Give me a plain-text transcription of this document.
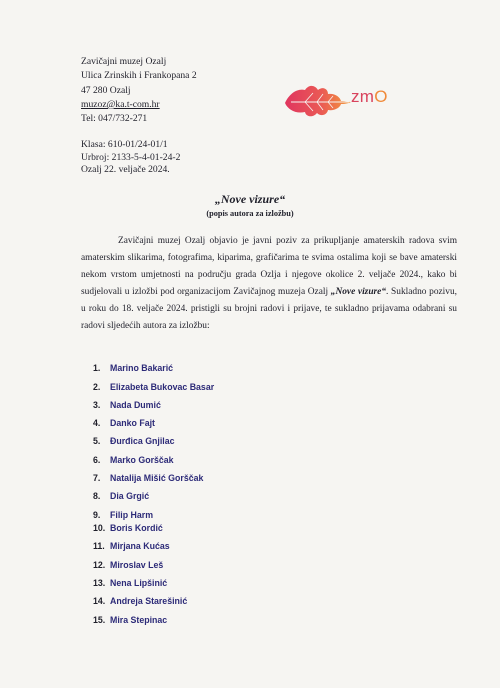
Zavičajni muzej Ozalj
Ulica Zrinskih i Frankopana 2
47 280 Ozalj
muzoz@ka.t-com.hr
Tel: 047/732-271
zmO
Klasa: 610-01/24-01/1
Urbroj: 2133-5-4-01-24-2
Ozalj 22. veljače 2024.
„Nove vizure“
(popis autora za izložbu)
Zavičajni muzej Ozalj objavio je javni poziv za prikupljanje amaterskih radova svim amaterskim slikarima, fotografima, kiparima, grafičarima te svima ostalima koji se bave amaterski nekom vrstom umjetnosti na području grada Ozlja i njegove okolice 2. veljače 2024., kako bi sudjelovali u izložbi pod organizacijom Zavičajnog muzeja Ozalj „Nove vizure“. Sukladno pozivu, u roku do 18. veljače 2024. pristigli su brojni radovi i prijave, te sukladno prijavama odabrani su radovi sljedećih autora za izložbu:
1. Marino Bakarić
2. Elizabeta Bukovac Basar
3. Nada Dumić
4. Danko Fajt
5. Đurđica Gnjilac
6. Marko Gorščak
7. Natalija Mišić Gorščak
8. Dia Grgić
9. Filip Harm
10. Boris Kordić
11. Mirjana Kućas
12. Miroslav Leš
13. Nena Lipšinić
14. Andreja Starešinić
15. Mira Stepinac
